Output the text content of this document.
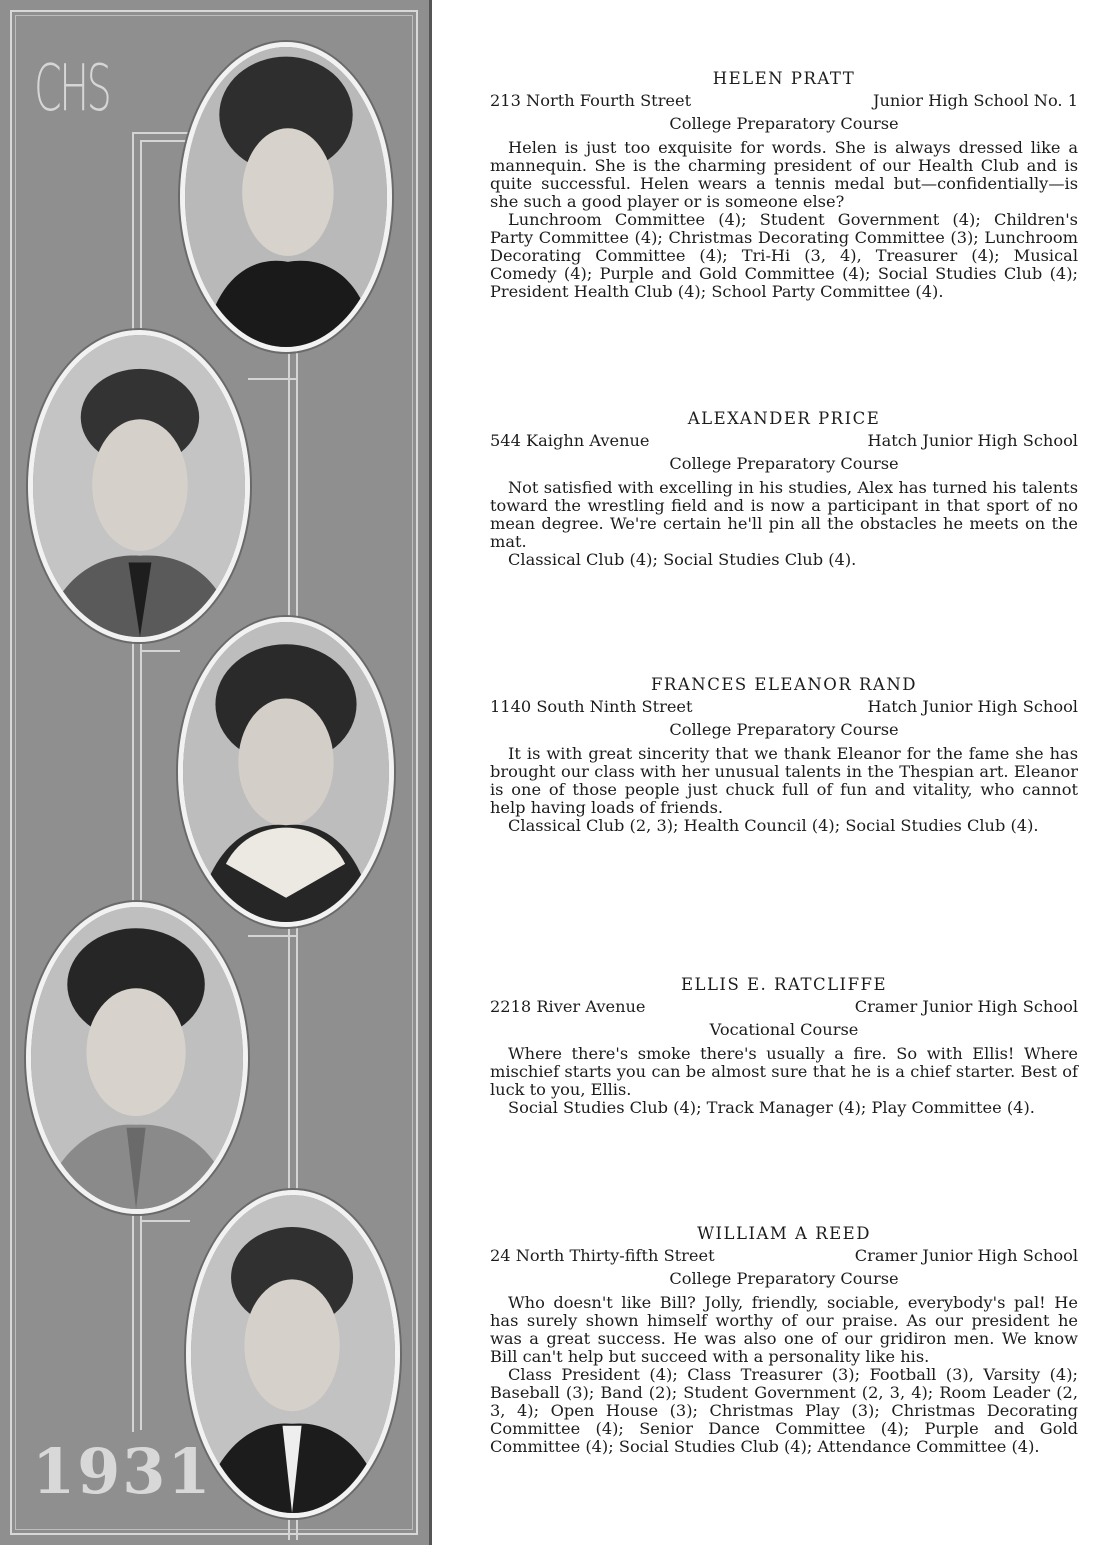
CHS
1931
HELEN PRATT
213 North Fourth Street	Junior High School No. 1
College Preparatory Course

Helen is just too exquisite for words. She is always dressed like a mannequin. She is the charming president of our Health Club and is quite successful. Helen wears a tennis medal but—confidentially—is she such a good player or is someone else?

Lunchroom Committee (4); Student Government (4); Children's Party Committee (4); Christmas Decorating Committee (3); Lunchroom Decorating Committee (4); Tri-Hi (3, 4), Treasurer (4); Musical Comedy (4); Purple and Gold Committee (4); Social Studies Club (4); President Health Club (4); School Party Committee (4).

ALEXANDER PRICE
544 Kaighn Avenue	Hatch Junior High School
College Preparatory Course

Not satisfied with excelling in his studies, Alex has turned his talents toward the wrestling field and is now a participant in that sport of no mean degree. We're certain he'll pin all the obstacles he meets on the mat.

Classical Club (4); Social Studies Club (4).

FRANCES ELEANOR RAND
1140 South Ninth Street	Hatch Junior High School
College Preparatory Course

It is with great sincerity that we thank Eleanor for the fame she has brought our class with her unusual talents in the Thespian art. Eleanor is one of those people just chuck full of fun and vitality, who cannot help having loads of friends.

Classical Club (2, 3); Health Council (4); Social Studies Club (4).

ELLIS E. RATCLIFFE
2218 River Avenue	Cramer Junior High School
Vocational Course

Where there's smoke there's usually a fire. So with Ellis! Where mischief starts you can be almost sure that he is a chief starter. Best of luck to you, Ellis.

Social Studies Club (4); Track Manager (4); Play Committee (4).

WILLIAM A REED
24 North Thirty-fifth Street	Cramer Junior High School
College Preparatory Course

Who doesn't like Bill? Jolly, friendly, sociable, everybody's pal! He has surely shown himself worthy of our praise. As our president he was a great success. He was also one of our gridiron men. We know Bill can't help but succeed with a personality like his.

Class President (4); Class Treasurer (3); Football (3), Varsity (4); Baseball (3); Band (2); Student Government (2, 3, 4); Room Leader (2, 3, 4); Open House (3); Christmas Play (3); Christmas Decorating Committee (4); Senior Dance Committee (4); Purple and Gold Committee (4); Social Studies Club (4); Attendance Committee (4).
